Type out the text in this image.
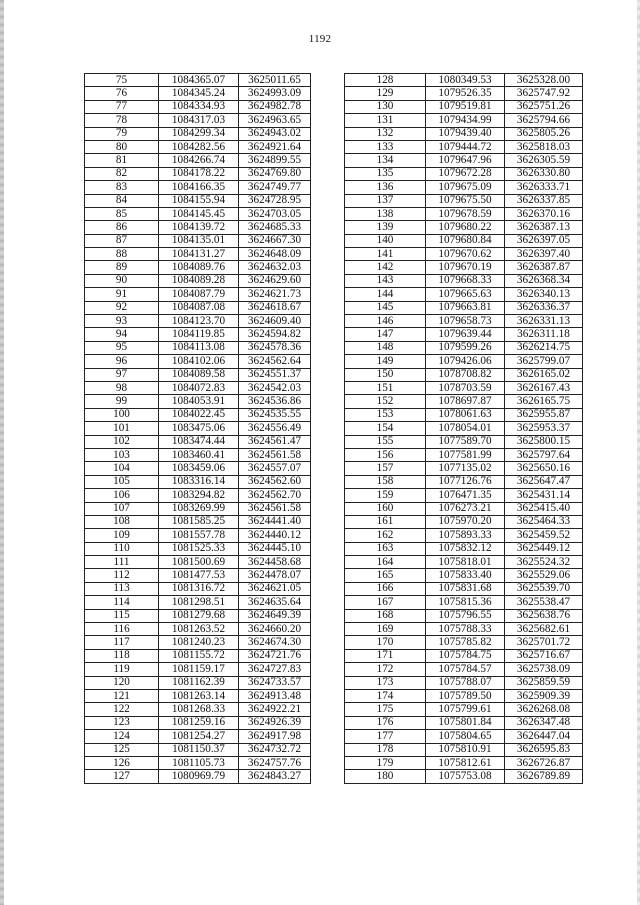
1192
75	1084365.07	3625011.65
76	1084345.24	3624993.09
77	1084334.93	3624982.78
78	1084317.03	3624963.65
79	1084299.34	3624943.02
80	1084282.56	3624921.64
81	1084266.74	3624899.55
82	1084178.22	3624769.80
83	1084166.35	3624749.77
84	1084155.94	3624728.95
85	1084145.45	3624703.05
86	1084139.72	3624685.33
87	1084135.01	3624667.30
88	1084131.27	3624648.09
89	1084089.76	3624632.03
90	1084089.28	3624629.60
91	1084087.79	3624621.73
92	1084087.08	3624618.67
93	1084123.70	3624609.40
94	1084119.85	3624594.82
95	1084113.08	3624578.36
96	1084102.06	3624562.64
97	1084089.58	3624551.37
98	1084072.83	3624542.03
99	1084053.91	3624536.86
100	1084022.45	3624535.55
101	1083475.06	3624556.49
102	1083474.44	3624561.47
103	1083460.41	3624561.58
104	1083459.06	3624557.07
105	1083316.14	3624562.60
106	1083294.82	3624562.70
107	1083269.99	3624561.58
108	1081585.25	3624441.40
109	1081557.78	3624440.12
110	1081525.33	3624445.10
111	1081500.69	3624458.68
112	1081477.53	3624478.07
113	1081316.72	3624621.05
114	1081298.51	3624635.64
115	1081279.68	3624649.39
116	1081263.52	3624660.20
117	1081240.23	3624674.30
118	1081155.72	3624721.76
119	1081159.17	3624727.83
120	1081162.39	3624733.57
121	1081263.14	3624913.48
122	1081268.33	3624922.21
123	1081259.16	3624926.39
124	1081254.27	3624917.98
125	1081150.37	3624732.72
126	1081105.73	3624757.76
127	1080969.79	3624843.27
128	1080349.53	3625328.00
129	1079526.35	3625747.92
130	1079519.81	3625751.26
131	1079434.99	3625794.66
132	1079439.40	3625805.26
133	1079444.72	3625818.03
134	1079647.96	3626305.59
135	1079672.28	3626330.80
136	1079675.09	3626333.71
137	1079675.50	3626337.85
138	1079678.59	3626370.16
139	1079680.22	3626387.13
140	1079680.84	3626397.05
141	1079670.62	3626397.40
142	1079670.19	3626387.87
143	1079668.33	3626368.34
144	1079665.63	3626340.13
145	1079663.81	3626336.37
146	1079658.73	3626331.13
147	1079639.44	3626311.18
148	1079599.26	3626214.75
149	1079426.06	3625799.07
150	1078708.82	3626165.02
151	1078703.59	3626167.43
152	1078697.87	3626165.75
153	1078061.63	3625955.87
154	1078054.01	3625953.37
155	1077589.70	3625800.15
156	1077581.99	3625797.64
157	1077135.02	3625650.16
158	1077126.76	3625647.47
159	1076471.35	3625431.14
160	1076273.21	3625415.40
161	1075970.20	3625464.33
162	1075893.33	3625459.52
163	1075832.12	3625449.12
164	1075818.01	3625524.32
165	1075833.40	3625529.06
166	1075831.68	3625539.70
167	1075815.36	3625538.47
168	1075796.55	3625638.76
169	1075788.33	3625682.61
170	1075785.82	3625701.72
171	1075784.75	3625716.67
172	1075784.57	3625738.09
173	1075788.07	3625859.59
174	1075789.50	3625909.39
175	1075799.61	3626268.08
176	1075801.84	3626347.48
177	1075804.65	3626447.04
178	1075810.91	3626595.83
179	1075812.61	3626726.87
180	1075753.08	3626789.89
